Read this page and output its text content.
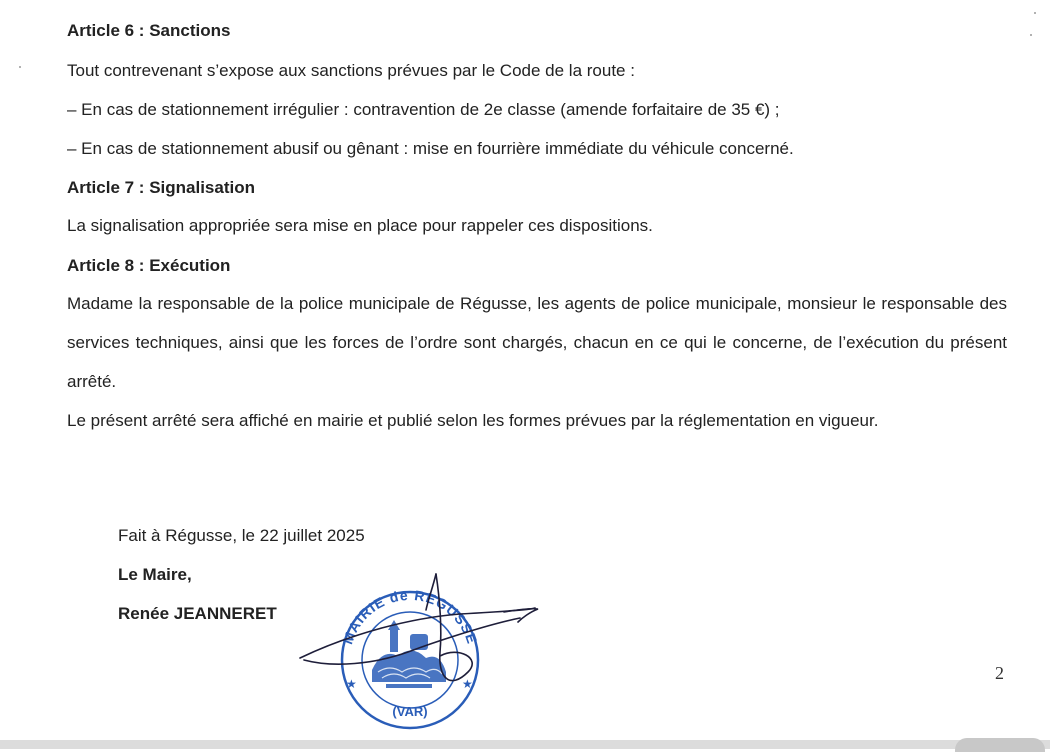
Article 6 : Sanctions
Tout contrevenant s’expose aux sanctions prévues par le Code de la route :
– En cas de stationnement irrégulier : contravention de 2e classe (amende forfaitaire de 35 €) ;
– En cas de stationnement abusif ou gênant : mise en fourrière immédiate du véhicule concerné.
Article 7 : Signalisation
La signalisation appropriée sera mise en place pour rappeler ces dispositions.
Article 8 : Exécution
Madame la responsable de la police municipale de Régusse, les agents de police municipale, monsieur le responsable des services techniques, ainsi que les forces de l’ordre sont chargés, chacun en ce qui le concerne, de l’exécution du présent arrêté.
Le présent arrêté sera affiché en mairie et publié selon les formes prévues par la réglementation en vigueur.
Fait à Régusse, le 22 juillet 2025
Le Maire,
Renée JEANNERET
MAIRIE de REGUSSE
★	★
(VAR)
2
